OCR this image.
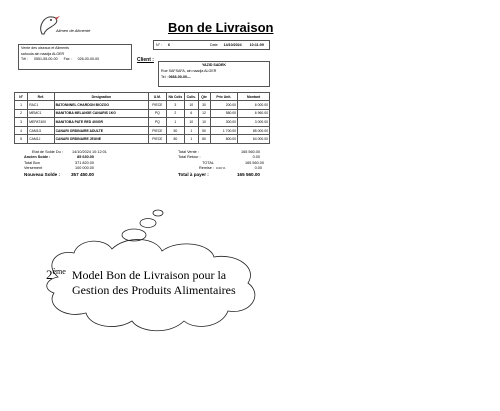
Alimen de Alimenté	Bon de Livraison
Vente des oiseaux et Aliments
sahoula ain naadja ALGER
Tél : 0551-55-00-00 Fax : 026-00-00-00
N° : 6	Date 14/10/2024 10:11:09
Client :
YAZID SADEK
Rue SAFSAFA, ain naadja ALGER
Tel : 0666-00-00---
N°	Ref.	Designation	U.M.	Nb Colis	Colis.	Qte	Prix Unit.	Montant
1	RAC1	BATONNNEL CHARDON BIOZOO	PIECE	3	10	30	200.00	6 000.00
2	MEMC1	MANITOBA MELANGE CANARIS 1KG	PQ	2	6	12	580.00	6 960.00
3	MEPAT400	MANITOBA PATE RED 400GR	PQ	1	10	10	300.00	3 000.00
4	CAM1G	CANARI ORDINAIRE ADULTE	PIECE	50	1	50	1 700.00	85 000.00
5	CAM1J	CANARI ORDINAIRE JEUNE	PIECE	80	1	80	800.00	64 000.00
Etat de Solde Du :	14/10/2024 10:12:01
Ancien Solde :	85 630.00
Total Bon	371 820.00
Versement	100 000.00
Nouveau Solde :	357 450.00
Total Vente :	165 560.00
Total Retour :	0.00
TOTAL	165 560.00
Remise : 0.00 %	0.00
Total à payer :	165 560.00
2ème Model Bon de Livraison pour la
Gestion des Produits Alimentaires
